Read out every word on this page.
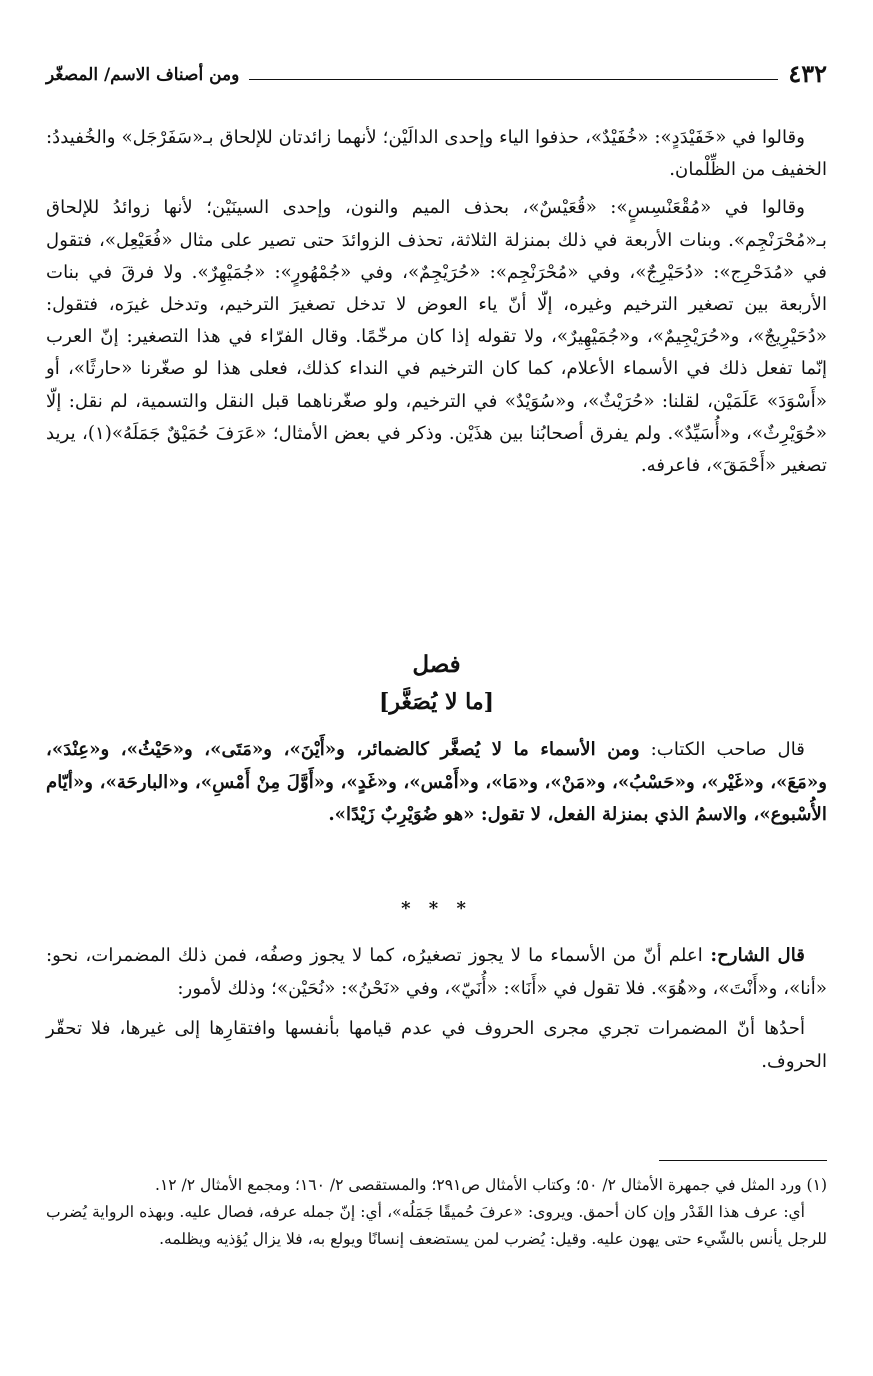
٤٣٢
ومن أصناف الاسم/ المصغّر

وقالوا في «خَفَيْدَدٍ»: «خُفَيْدٌ»، حذفوا الياء وإحدى الدالَيْن؛ لأنهما زائدتان للإلحاق بـ«سَفَرْجَل» والخُفيددُ: الخفيف من الظِّلْمان.

وقالوا في «مُقْعَنْسِسٍ»: «قُعَيْسٌ»، بحذف الميم والنون، وإحدى السينَيْن؛ لأنها زوائدُ للإلحاق بـ«مُحْرَنْجِم». وبنات الأربعة في ذلك بمنزلة الثلاثة، تحذف الزوائدَ حتى تصير على مثال «فُعَيْعِل»، فتقول في «مُدَحْرِج»: «دُحَيْرِجٌ»، وفي «مُحْرَنْجِم»: «حُرَيْجِمٌ»، وفي «جُمْهُورٍ»: «جُمَيْهِرٌ». ولا فرقَ في بنات الأربعة بين تصغير الترخيم وغيره، إلّا أنّ ياء العوض لا تدخل تصغيرَ الترخيم، وتدخل غيرَه، فتقول: «دُحَيْرِيجٌ»، و«حُرَيْجِيمٌ»، و«جُمَيْهِيرٌ»، ولا تقوله إذا كان مرخّمًا. وقال الفرّاء في هذا التصغير: إنّ العرب إنّما تفعل ذلك في الأسماء الأعلام، كما كان الترخيم في النداء كذلك، فعلى هذا لو صغّرنا «حارثًا»، أو «أَسْوَدَ» عَلَمَيْن، لقلنا: «حُرَيْثٌ»، و«سُوَيْدٌ» في الترخيم، ولو صغّرناهما قبل النقل والتسمية، لم نقل: إلّا «حُوَيْرِثٌ»، و«أُسَيِّدٌ». ولم يفرق أصحابُنا بين هذَيْن. وذكر في بعض الأمثال؛ «عَرَفَ حُمَيْقٌ جَمَلَهُ»(١)، يريد تصغير «أَحْمَقَ»، فاعرفه.

فصل
[ما لا يُصَغَّر]

قال صاحب الكتاب: ومن الأسماء ما لا يُصغَّر كالضمائر، و«أَيْنَ»، و«مَتَى»، و«حَيْثُ»، و«عِنْدَ»، و«مَعَ»، و«غَيْر»، و«حَسْبُ»، و«مَنْ»، و«مَا»، و«أَمْس»، و«غَدٍ»، و«أَوَّلَ مِنْ أَمْسِ»، و«البارحَة»، و«أيّام الأُسْبوع»، والاسمُ الذي بمنزلة الفعل، لا تقول: «هو ضُوَيْرِبٌ زَيْدًا».

* * *

قال الشارح: اعلم أنّ من الأسماء ما لا يجوز تصغيرُه، كما لا يجوز وصفُه، فمن ذلك المضمرات، نحو: «أنا»، و«أَنْتَ»، و«هُوَ». فلا تقول في «أَنَا»: «أُنَيّ»، وفي «نَحْنُ»: «نُحَيْن»؛ وذلك لأمور:

أحدُها أنّ المضمرات تجري مجرى الحروف في عدم قيامها بأنفسها وافتقارِها إلى غيرها، فلا تحقّر الحروف.

(١) ورد المثل في جمهرة الأمثال ٢/ ٥٠؛ وكتاب الأمثال ص٢٩١؛ والمستقصى ٢/ ١٦٠؛ ومجمع الأمثال ٢/ ١٢.

أي: عرف هذا القَدْر وإن كان أحمق. ويروى: «عرفَ حُميقًا جَمَلُه»، أي: إنّ جمله عرفه، فصال عليه. وبهذه الرواية يُضرب للرجل يأنس بالشّيء حتى يهون عليه. وقيل: يُضرب لمن يستضعف إنسانًا ويولع به، فلا يزال يُؤذيه ويظلمه.
